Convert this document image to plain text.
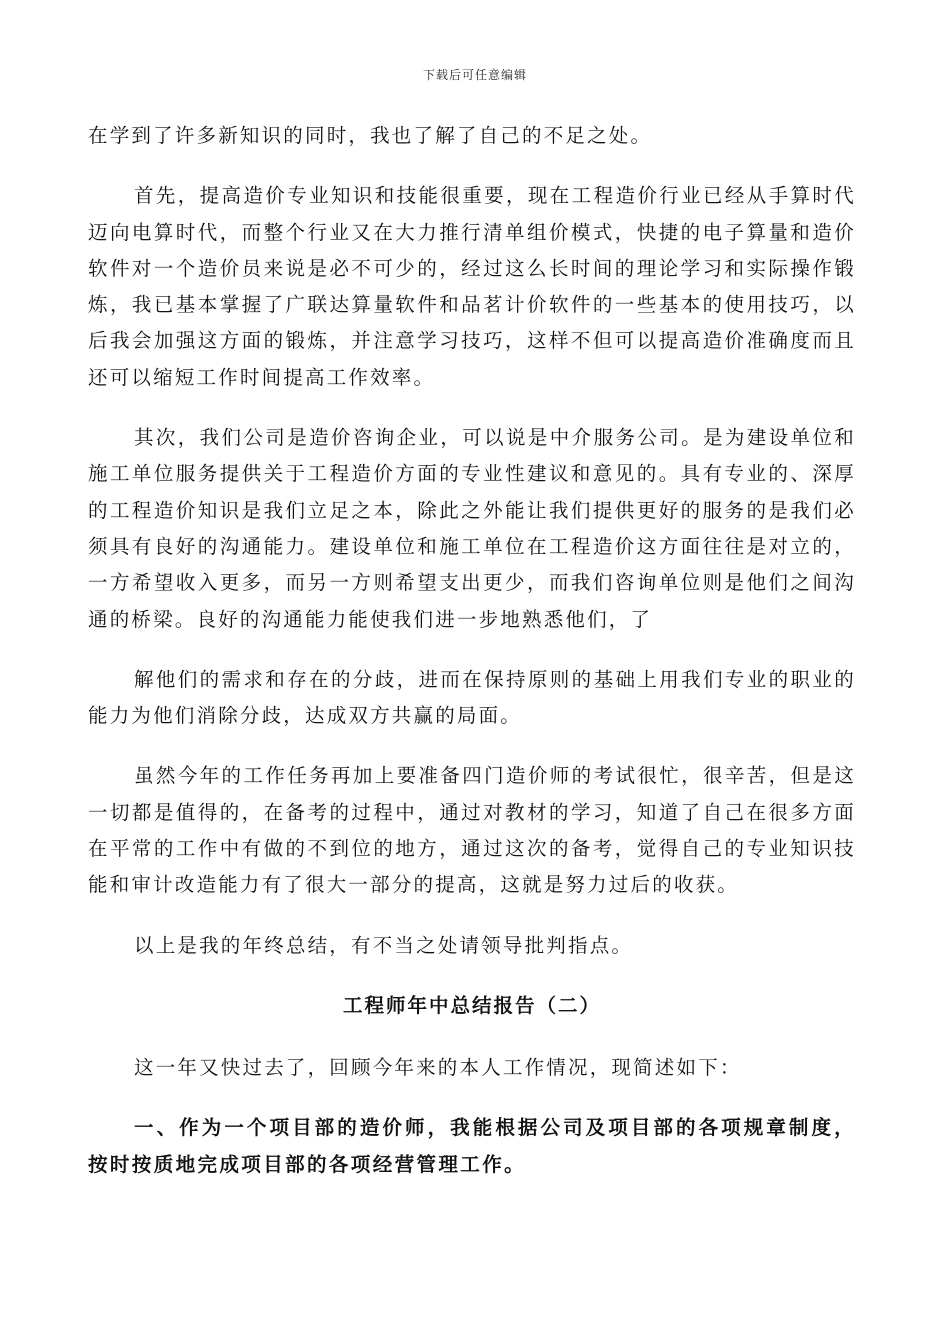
下载后可任意编辑

在学到了许多新知识的同时，我也了解了自己的不足之处。

首先，提高造价专业知识和技能很重要，现在工程造价行业已经从手算时代迈向电算时代，而整个行业又在大力推行清单组价模式，快捷的电子算量和造价软件对一个造价员来说是必不可少的，经过这么长时间的理论学习和实际操作锻炼，我已基本掌握了广联达算量软件和品茗计价软件的一些基本的使用技巧，以后我会加强这方面的锻炼，并注意学习技巧，这样不但可以提高造价准确度而且还可以缩短工作时间提高工作效率。

其次，我们公司是造价咨询企业，可以说是中介服务公司。是为建设单位和施工单位服务提供关于工程造价方面的专业性建议和意见的。具有专业的、深厚的工程造价知识是我们立足之本，除此之外能让我们提供更好的服务的是我们必须具有良好的沟通能力。建设单位和施工单位在工程造价这方面往往是对立的，一方希望收入更多，而另一方则希望支出更少，而我们咨询单位则是他们之间沟通的桥梁。良好的沟通能力能使我们进一步地熟悉他们，了

解他们的需求和存在的分歧，进而在保持原则的基础上用我们专业的职业的能力为他们消除分歧，达成双方共赢的局面。

虽然今年的工作任务再加上要准备四门造价师的考试很忙，很辛苦，但是这一切都是值得的，在备考的过程中，通过对教材的学习，知道了自己在很多方面在平常的工作中有做的不到位的地方，通过这次的备考，觉得自己的专业知识技能和审计改造能力有了很大一部分的提高，这就是努力过后的收获。

以上是我的年终总结，有不当之处请领导批判指点。

工程师年中总结报告（二）

这一年又快过去了，回顾今年来的本人工作情况，现简述如下：

一、作为一个项目部的造价师，我能根据公司及项目部的各项规章制度，按时按质地完成项目部的各项经营管理工作。
